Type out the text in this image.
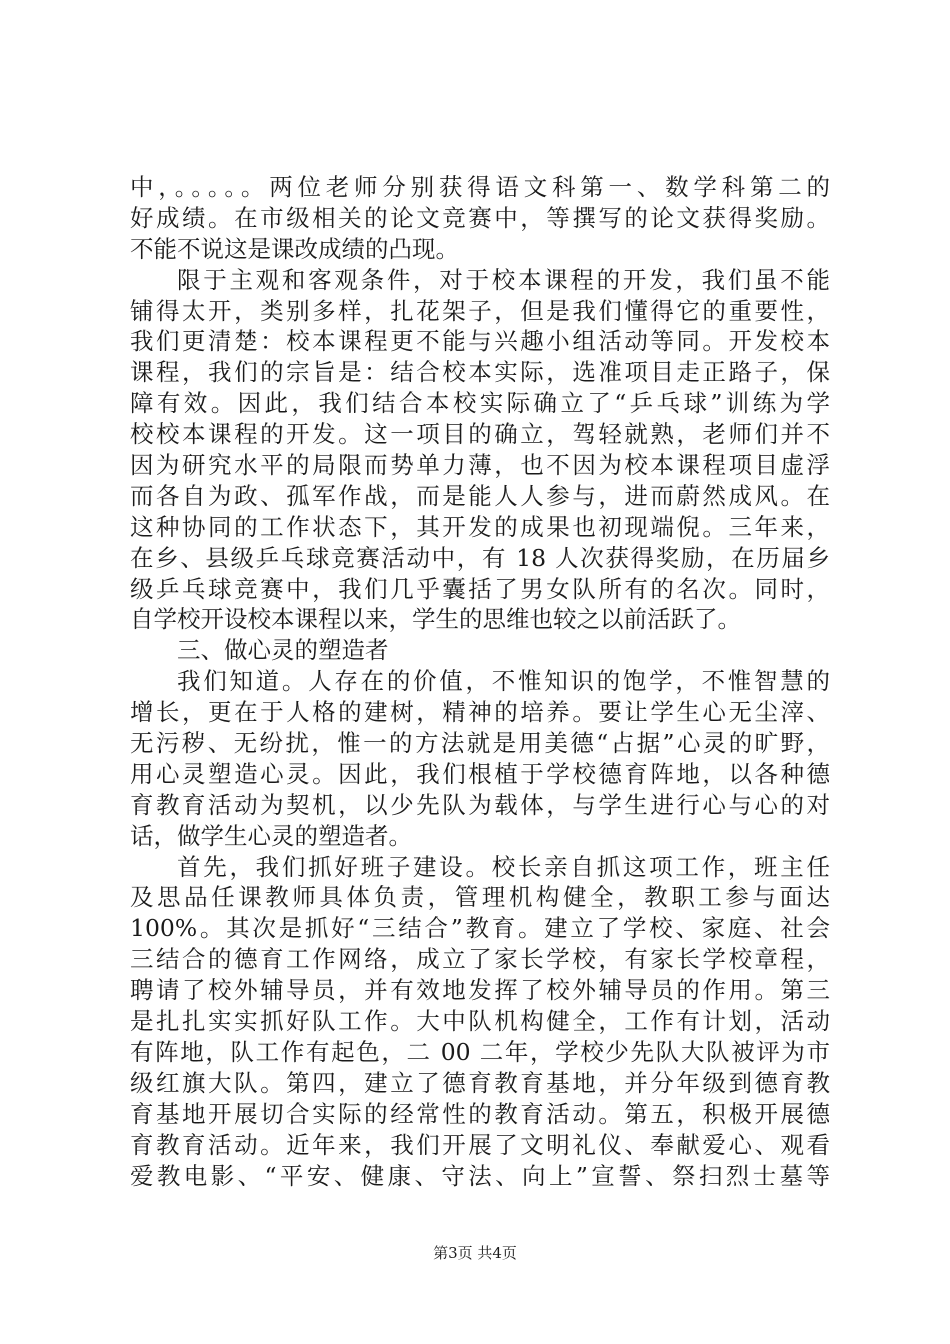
中，。。。。。两位老师分别获得语文科第一、数学科第二的
好成绩。在市级相关的论文竞赛中，等撰写的论文获得奖励。
不能不说这是课改成绩的凸现。
限于主观和客观条件，对于校本课程的开发，我们虽不能
铺得太开，类别多样，扎花架子，但是我们懂得它的重要性，
我们更清楚：校本课程更不能与兴趣小组活动等同。开发校本
课程，我们的宗旨是：结合校本实际，选准项目走正路子，保
障有效。因此，我们结合本校实际确立了“乒乓球”训练为学
校校本课程的开发。这一项目的确立，驾轻就熟，老师们并不
因为研究水平的局限而势单力薄，也不因为校本课程项目虚浮
而各自为政、孤军作战，而是能人人参与，进而蔚然成风。在
这种协同的工作状态下，其开发的成果也初现端倪。三年来，
在乡、县级乒乓球竞赛活动中，有 18 人次获得奖励，在历届乡
级乒乓球竞赛中，我们几乎囊括了男女队所有的名次。同时，
自学校开设校本课程以来，学生的思维也较之以前活跃了。
三、做心灵的塑造者
我们知道。人存在的价值，不惟知识的饱学，不惟智慧的
增长，更在于人格的建树，精神的培养。要让学生心无尘滓、
无污秽、无纷扰，惟一的方法就是用美德“占据”心灵的旷野，
用心灵塑造心灵。因此，我们根植于学校德育阵地，以各种德
育教育活动为契机，以少先队为载体，与学生进行心与心的对
话，做学生心灵的塑造者。
首先，我们抓好班子建设。校长亲自抓这项工作，班主任
及思品任课教师具体负责，管理机构健全，教职工参与面达
100%。其次是抓好“三结合”教育。建立了学校、家庭、社会
三结合的德育工作网络，成立了家长学校，有家长学校章程，
聘请了校外辅导员，并有效地发挥了校外辅导员的作用。第三
是扎扎实实抓好队工作。大中队机构健全，工作有计划，活动
有阵地，队工作有起色，二 00 二年，学校少先队大队被评为市
级红旗大队。第四，建立了德育教育基地，并分年级到德育教
育基地开展切合实际的经常性的教育活动。第五，积极开展德
育教育活动。近年来，我们开展了文明礼仪、奉献爱心、观看
爱教电影、“平安、健康、守法、向上”宣誓、祭扫烈士墓等
第3页 共4页
